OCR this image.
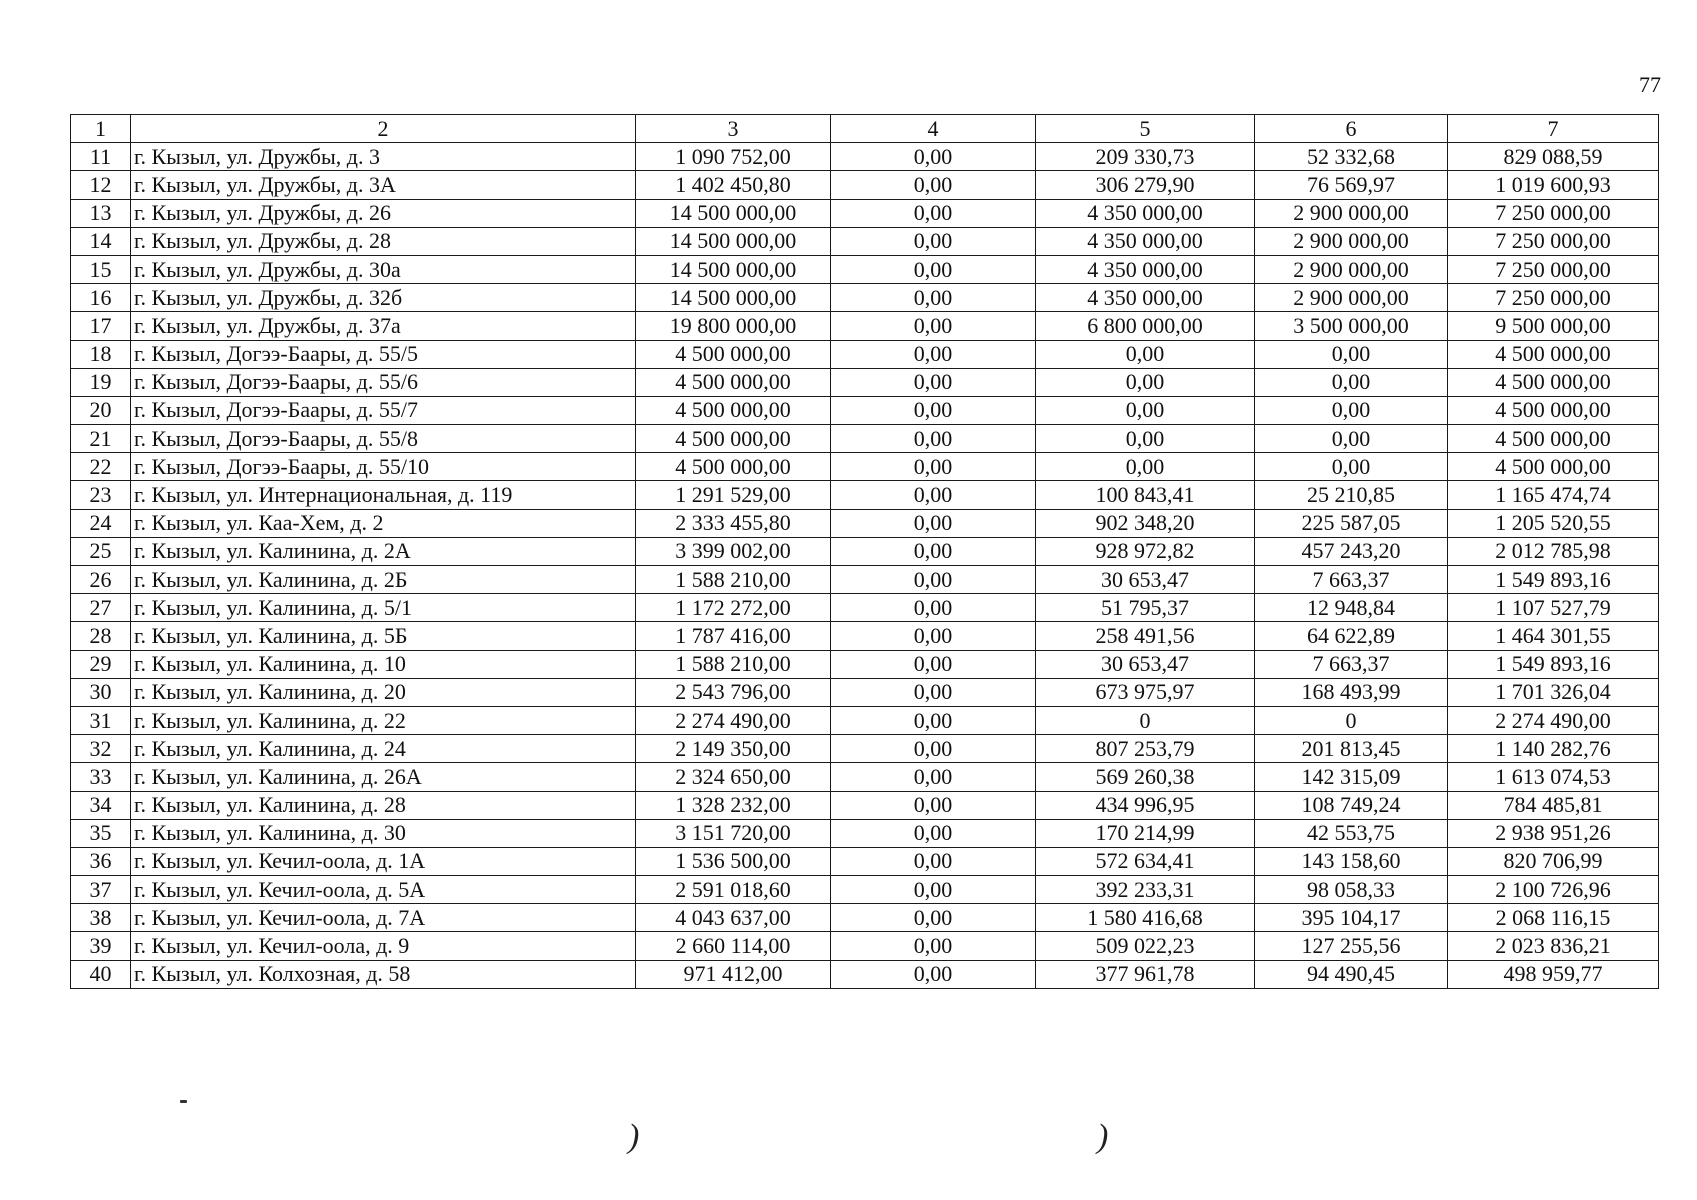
77
1	2	3	4	5	6	7
11	г. Кызыл, ул. Дружбы, д. 3	1 090 752,00	0,00	209 330,73	52 332,68	829 088,59
12	г. Кызыл, ул. Дружбы, д. 3А	1 402 450,80	0,00	306 279,90	76 569,97	1 019 600,93
13	г. Кызыл, ул. Дружбы, д. 26	14 500 000,00	0,00	4 350 000,00	2 900 000,00	7 250 000,00
14	г. Кызыл, ул. Дружбы, д. 28	14 500 000,00	0,00	4 350 000,00	2 900 000,00	7 250 000,00
15	г. Кызыл, ул. Дружбы, д. 30а	14 500 000,00	0,00	4 350 000,00	2 900 000,00	7 250 000,00
16	г. Кызыл, ул. Дружбы, д. 32б	14 500 000,00	0,00	4 350 000,00	2 900 000,00	7 250 000,00
17	г. Кызыл, ул. Дружбы, д. 37а	19 800 000,00	0,00	6 800 000,00	3 500 000,00	9 500 000,00
18	г. Кызыл, Догээ-Баары, д. 55/5	4 500 000,00	0,00	0,00	0,00	4 500 000,00
19	г. Кызыл, Догээ-Баары, д. 55/6	4 500 000,00	0,00	0,00	0,00	4 500 000,00
20	г. Кызыл, Догээ-Баары, д. 55/7	4 500 000,00	0,00	0,00	0,00	4 500 000,00
21	г. Кызыл, Догээ-Баары, д. 55/8	4 500 000,00	0,00	0,00	0,00	4 500 000,00
22	г. Кызыл, Догээ-Баары, д. 55/10	4 500 000,00	0,00	0,00	0,00	4 500 000,00
23	г. Кызыл, ул. Интернациональная, д. 119	1 291 529,00	0,00	100 843,41	25 210,85	1 165 474,74
24	г. Кызыл, ул. Каа-Хем, д. 2	2 333 455,80	0,00	902 348,20	225 587,05	1 205 520,55
25	г. Кызыл, ул. Калинина, д. 2А	3 399 002,00	0,00	928 972,82	457 243,20	2 012 785,98
26	г. Кызыл, ул. Калинина, д. 2Б	1 588 210,00	0,00	30 653,47	7 663,37	1 549 893,16
27	г. Кызыл, ул. Калинина, д. 5/1	1 172 272,00	0,00	51 795,37	12 948,84	1 107 527,79
28	г. Кызыл, ул. Калинина, д. 5Б	1 787 416,00	0,00	258 491,56	64 622,89	1 464 301,55
29	г. Кызыл, ул. Калинина, д. 10	1 588 210,00	0,00	30 653,47	7 663,37	1 549 893,16
30	г. Кызыл, ул. Калинина, д. 20	2 543 796,00	0,00	673 975,97	168 493,99	1 701 326,04
31	г. Кызыл, ул. Калинина, д. 22	2 274 490,00	0,00	0	0	2 274 490,00
32	г. Кызыл, ул. Калинина, д. 24	2 149 350,00	0,00	807 253,79	201 813,45	1 140 282,76
33	г. Кызыл, ул. Калинина, д. 26А	2 324 650,00	0,00	569 260,38	142 315,09	1 613 074,53
34	г. Кызыл, ул. Калинина, д. 28	1 328 232,00	0,00	434 996,95	108 749,24	784 485,81
35	г. Кызыл, ул. Калинина, д. 30	3 151 720,00	0,00	170 214,99	42 553,75	2 938 951,26
36	г. Кызыл, ул. Кечил-оола, д. 1А	1 536 500,00	0,00	572 634,41	143 158,60	820 706,99
37	г. Кызыл, ул. Кечил-оола, д. 5А	2 591 018,60	0,00	392 233,31	98 058,33	2 100 726,96
38	г. Кызыл, ул. Кечил-оола, д. 7А	4 043 637,00	0,00	1 580 416,68	395 104,17	2 068 116,15
39	г. Кызыл, ул. Кечил-оола, д. 9	2 660 114,00	0,00	509 022,23	127 255,56	2 023 836,21
40	г. Кызыл, ул. Колхозная, д. 58	971 412,00	0,00	377 961,78	94 490,45	498 959,77
)	)
